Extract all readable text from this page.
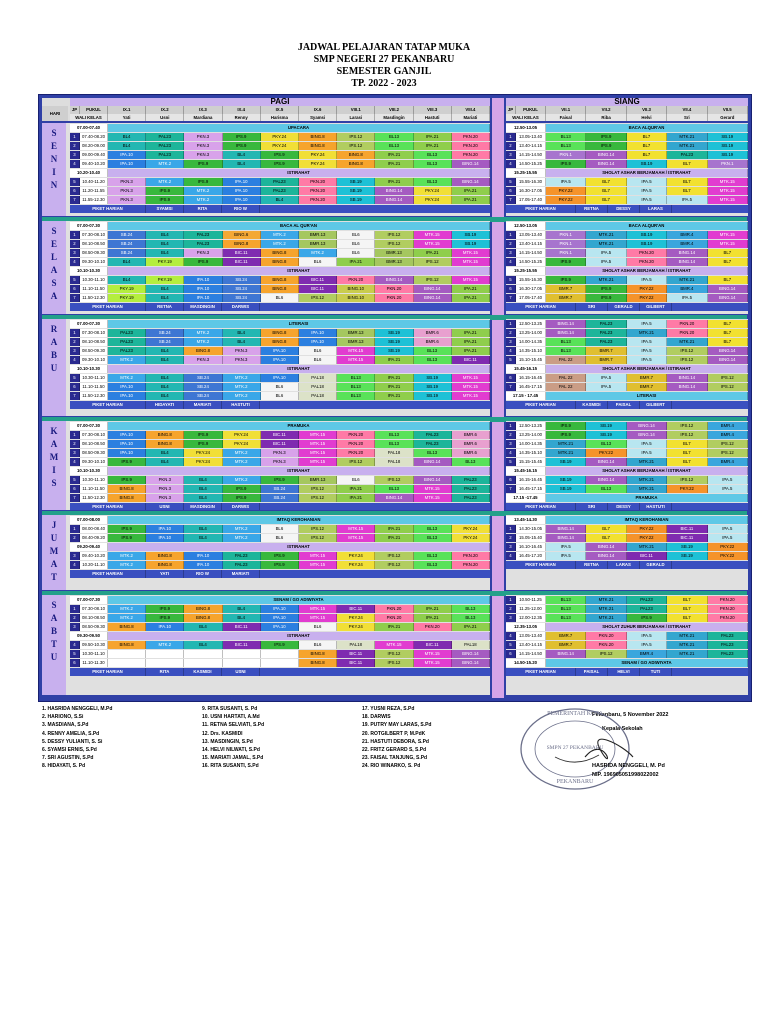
JADWAL PELAJARAN TATAP MUKA
SMP NEGERI 27 PEKANBARU
SEMESTER GANJIL
TP. 2022 - 2023
PAGI
JP	PUKUL	IX.1	IX.2	IX.3	IX.4	IX.5	IX.6	VIII.1	VIII.2	VIII.3	VIII.4
HARI
WALI KELAS	Yati	Usni	Mardiana	Renny	Harisma	Syamsi	Larasi	Masdingin	Hastuti	Mariati
SIANG
JP	PUKUL	VII.1	VII.2	VII.3	VII.4	VII.5
WALI KELAS	Faisal	Riba	Helvi	Sri	Gerard
S
E
N
I
N
07.00-07.40	UPACARA
1	07.40-08.20	BL4	PAL23	PKN.3	IPS.9	PKY.24	BING.8	IPS.12	BL13	IPA.21	PKN.20
2	08.20-09.00	BL4	PAL23	PKN.3	IPS.9	PKY.24	BING.8	IPS.12	BL13	IPA.21	PKN.20
3	09.00-09.40	IPA.10	PAL23	PKN.3	BL4	IPS.9	PKY.24	BING.8	IPA.21	BL13	PKN.20
4	09.40-10.20	IPA.10	MTK.2	IPS.9	BL4	IPS.9	PKY.24	BING.8	IPA.21	BL13	BING.14
10.20-10.40	ISTIRAHAT
5	10.40-11.20	PKN.3	MTK.2	IPS.9	IPA.10	PAL23	PKN.20	SB.19	IPA.21	BL13	BING.14
6	11.20-11.55	PKN.3	IPS.9	MTK.2	IPA.10	PAL23	PKN.20	SB.19	BING.14	PKY.24	IPA.21
7	11.55-12.30	PKN.3	IPS.9	MTK.2	IPA.10	BL4	PKN.20	SB.19	BING.14	PKY.24	IPA.21
PIKET HARIAN	SYAMSI	RITA	RIO W
12.50-13.05	BACA ALQUR'AN
1	13.05-13.40	BL13	IPS.9	BL7	MTK.21	SB.19
2	13.40-14.15	BL13	IPS.9	BL7	MTK.21	SB.19
3	14.15-14.50	PKN.1	BING.14	BL7	PAL23	SB.19
4	14.50-15.25	IPS.9	BING.14	SB.19	BL7	PKN.1
15.25-15.55	SHOLAT ASHAR BERJAMAAH / ISTIRAHAT
5	15.55-16.30	IPA.5	BL7	IPA.5	BL7	MTK.15
6	16.30-17.05	PKY.22	BL7	IPA.5	BL7	MTK.15
7	17.05-17.40	PKY.22	BL7	IPA.5	IPA.5	MTK.15
PIKET HARIAN	RETNA	DESSY	LARAS
S
E
L
A
S
A
07.00-07.30	BACA AL QUR'AN
1	07.30-08.10	SB.24	BL4	PAL23	BING.6	MTK.2	BMR.13	BL6	IPS.12	MTK.15	SB.19
2	08.10-08.50	SB.24	BL4	PAL23	BING.8	MTK.2	BMR.13	BL6	IPS.12	MTK.15	SB.19
3	08.50-09.30	SB.24	BL4	PKN.3	BIC.11	BING.8	MTK.2	BL6	BMR.13	IPA.21	MTK.15
4	09.30-10.10	BL4	PKY.19	IPS.9	BIC.11	BING.8	BL6	IPA.21	BMR.13	IPS.12	MTK.15
10.10-10.30	ISTIRAHAT
5	10.30-11.10	BL4	PKY.19	IPA.10	SB.24	BING.8	BIC.11	PKN.20	BING.14	IPS.12	MTK.15
6	11.10-11.50	PKY.19	BL4	IPA.10	SB.24	BING.8	BIC.11	BING.10	PKN.20	BING.14	IPA.21
7	11.50-12.30	PKY.19	BL4	IPA.10	SB.24	BL6	IPS.12	BING.10	PKN.20	BING.14	IPA.21
PIKET HARIAN	RETNA	MASDINGIN	DARWIS
12.50-13.05	BACA ALQUR'AN
1	13.05-13.40	PKN.1	MTK.21	SB.19	BMR.4	MTK.15
2	13.40-14.15	PKN.1	MTK.21	SB.19	BMR.4	MTK.15
3	14.15-14.50	PKN.1	IPA.5	PKN.20	BING.14	BL7
4	14.50-15.25	IPS.9	IPA.5	PKN.20	BING.14	BL7
15.25-15.55	SHOLAT ASHAR BERJAMAAH / ISTIRAHAT
5	15.55-16.30	IPS.9	MTK.21	IPA.5	MTK.21	BL7
6	16.30-17.05	BMR.7	IPS.9	PKY.22	BMR.4	BING.14
7	17.05-17.40	BMR.7	IPS.9	PKY.22	IPA.5	BING.14
PIKET HARIAN	SRI	GERALD	GILBERT
R
A
B
U
07.00-07.30	LITERASI
1	07.30-08.10	PAL23	SB.24	MTK.2	BL4	BING.8	IPA.10	BMR.13	SB.19	BMR.6	IPA.21
2	08.10-08.50	PAL23	SB.24	MTK.2	BL4	BING.8	IPA.10	BMR.13	SB.19	BMR.6	IPA.21
3	08.50-09.30	PAL23	BL4	BING.8	PKN.3	IPA.10	BL6	MTK.15	SB.19	BL13	IPA.21
4	09.30-10.10	MTK.2	BL4	PKN.3	PKN.3	IPA.10	BL6	MTK.15	IPA.21	BL13	BIC.11
10.10-10.30	ISTIRAHAT
5	10.30-11.10	MTK.2	BL4	SB.24	MTK.2	IPA.10	PAL18	BL13	IPA.21	SB.19	MTK.15
6	11.10-11.50	IPA.10	BL4	SB.24	MTK.2	BL6	PAL18	BL13	IPA.21	SB.19	MTK.15
7	11.50-12.30	IPA.10	BL4	SB.24	MTK.2	BL6	PAL18	BL13	IPA.21	SB.19	MTK.15
PIKET HARIAN	HIDAYATI	MARIATI	HASTUTI
1	12.50-13.25	BING.14	PAL23	IPA.5	PKN.20	BL7
2	13.25-14.00	BING.14	PAL23	MTK.21	PKN.20	BL7
3	14.00-14.35	BL13	PAL23	IPA.5	MTK.21	BL7
4	14.35-15.10	BL13	BMR.7	IPA.5	IPS.12	BING.14
5	15.10-15.45	PAL 22	BMR.7	IPA.5	IPS.12	BING.14
15.45-16.15	SHOLAT ASHAR BERJAMAAH / ISTIRAHAT
6	16.15-16.45	PAL 22	IPA.5	BMR.7	BING.14	IPS.12
7	16.45-17.15	PAL 22	IPA.5	BMR.7	BING.14	IPS.12
17.15 - 17.45	LITERASI
PIKET HARIAN	KASMIDI	PAISAL	GILBERT
K
A
M
I
S
07.00-07.30	PRAMUKA
1	07.30-08.10	IPA.10	BING.8	IPS.9	PKY.24	BIC.11	MTK.15	PKN.20	BL13	PAL23	BMR.6
2	08.10-08.50	IPA.10	BING.8	IPS.9	PKY.24	BIC.11	MTK.15	PKN.20	BL13	PAL23	BMR.6
3	08.50-09.30	IPA.10	BL4	PKY.24	MTK.2	PKN.3	MTK.15	PKN.20	PAL18	BL13	BMR.6
4	09.30-10.10	IPS.9	BL4	PKY.24	MTK.2	PKN.3	MTK.15	IPS.12	PAL18	BING.14	BL13
10.10-10.30	ISTIRAHAT
5	10.30-11.10	IPS.9	PKN.3	BL4	MTK.2	IPS.9	BMR.13	BL6	IPS.12	BING.14	PAL23
6	11.10-11.50	BING.8	PKN.3	BL4	IPS.9	SB.24	IPS.12	IPA.21	BL13	MTK.15	PAL23
7	11.50-12.30	BING.8	PKN.3	BL4	IPS.9	SB.24	IPS.12	IPA.21	BING.14	MTK.15	PAL23
PIKET HARIAN	USNI	MASDINGIN	DARWIS
1	12.50-13.25	IPS.9	SB.19	BING.14	IPS.12	BMR.4
2	13.25-14.00	IPS.9	SB.19	BING.14	IPS.12	BMR.4
3	14.00-14.35	MTK.21	BL13	IPA.5	BL7	IPS.12
4	14.35-15.10	MTK.21	PKY.22	IPA.5	BL7	IPS.12
5	15.15-15.45	SB.19	BING.14	MTK.21	BL7	BMR.4
15.45-16.15	SHOLAT ASHAR BERJAMAAH / ISTIRAHAT
6	16.15-16.45	SB.19	BING.14	MTK.21	IPS.12	IPA.5
7	16.45-17.15	SB.19	BL13	MTK.21	PKY.22	IPA.5
17.15 -17.45	PRAMUKA
PIKET HARIAN	SRI	DESSY	HASTUTI
J
U
M
A
T
07.00-08.00	IMTAQ KEROHANIAN
1	08.00-08.40	IPS.9	IPA.10	BL4	MTK.2	BL6	IPS.12	MTK.15	IPA.21	BL13	PKY.24
2	08.40-09.20	IPS.9	IPA.10	BL4	MTK.2	BL6	IPS.12	MTK.15	IPA.21	BL13	PKY.24
09.20-09.40	ISTIRAHAT
3	09.40-10.20	MTK.2	BING.8	IPA.10	PAL23	IPS.9	MTK.15	PKY.24	IPS.12	BL13	PKN.20
4	10.20-11.10	MTK.2	BING.8	IPA.10	PAL23	IPS.9	MTK.15	PKY.24	IPS.12	BL13	PKN.20
PIKET HARIAN	YATI	RIO W	MARIATI
13.45-14.30	IMTAQ KEROHANIAN
1	14.30-15.05	BING.14	BL7	PKY.22	BIC.11	IPA.5
2	15.05-15.40	BING.14	BL7	PKY.22	BIC.11	IPA.5
3	16.10-16.45	IPA.5	BING.14	MTK.21	SB.19	PKY.22
4	16.45-17.20	IPA.5	BING.14	BIC.11	SB.19	PKY.22
PIKET HARIAN	RETNA	LARAS	GERALD
S
A
B
T
U
07.00-07.30	SENAM / GO ADIWIYATA
1	07.30-08.10	MTK.2	IPS.9	BING.8	BL4	IPA.10	MTK.15	BIC.11	PKN.20	IPA.21	BL13
2	08.10-08.50	MTK.2	IPS.9	BING.8	BL4	IPA.10	MTK.15	PKY.24	PKN.20	IPA.21	BL13
3	08.50-09.30	BING.8	IPA.10	BL4	BIC.11	IPA.10	BL6	PKY.24	IPA.21	PKN.20	IPA.21
09.30-09.50	ISTIRAHAT
4	09.50-10.30	BING.8	MTK.2	BL4	BIC.11	IPS.9	BL6	PAL18	MTK.15	BIC.11	PAL18
5	10.30-11.10	BING.8	BIC.11	IPS.12	MTK.15	BING.14
6	11.10-11.30	BING.8	BIC.11	IPS.12	MTK.15	BING.14
PIKET HARIAN	RITA	KASMIDI	USNI
1	10.50-11.25	BL13	MTK.21	PAL23	BL7	PKN.20
2	11.25-12.00	BL13	MTK.21	PAL23	BL7	PKN.20
3	12.00-12.35	BL13	MTK.21	IPS.9	BL7	PKN.20
12.35-13.05	SHOLAT ZUHUR BERJAMAAH / ISTIRAHAT
4	13.05-13.40	BMR.7	PKN.20	IPA.5	MTK.21	PAL23
5	13.40-14.15	BMR.7	PKN.20	IPA.5	MTK.21	PAL23
6	14.15-14.50	BING.14	IPS.12	BMR.4	MTK.21	PAL23
14.50-15.20	SENAM / GO ADIWIYATA
PIKET HARIAN	PAISAL	HELVI	TUTI
1. HASRIDA NENGGELI, M.Pd
2. HARIONO, S.Si
3. MASDIANA, S.Pd
4. RENNY AMELIA, S.Pd
5. DESSY YULIANTI, S. Si
6. SYAMSI ERNIS, S.Pd
7. SRI AGUSTIN, S.Pd
8. HIDAYATI, S. Pd
9. RITA SUSANTI, S. Pd
10. USNI HARTATI, A.Md
11. RETNA SELVIATI, S.Pd
12. Drs. KASMIDI
13. MASDINGIN, S.Pd
14. HELVI NILWATI, S.Pd
15. MARIATI JAMAL, S.Pd
16. RITA SUSANTI, S.Pd
17. YUSNI REZA, S.Pd
18. DARWIS
19. PUTRY MAY LARAS, S.Pd
20. ROTGILBERT P, M.PdK
21. HASTUTI DEBORA, S.Pd
22. FRITZ GERARD S, S.Pd
23. FAISAL TANJUNG, S.Pd
24. RIO WINARKO, S. Pd
Pekanbaru, 5 November 2022
Kepala Sekolah
PEMERINTAH KOTA
SMPN 27 PEKANBARU
PEKANBARU
HASRIDA NENGGELI, M. Pd
NIP. 196905051998022002
